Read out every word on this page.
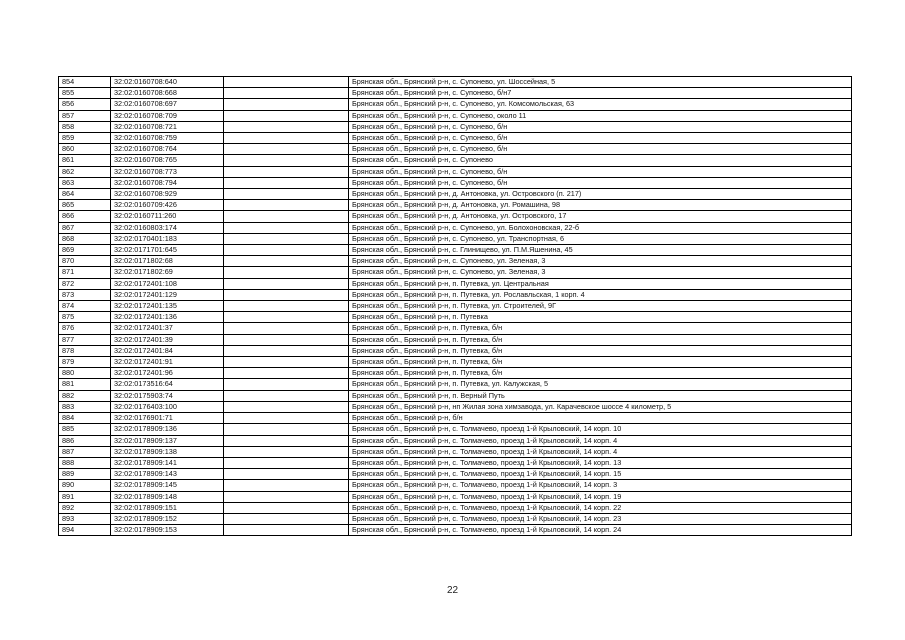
854	32:02:0160708:640		Брянская обл., Брянский р-н, с. Супонево, ул. Шоссейная, 5
855	32:02:0160708:668		Брянская обл., Брянский р-н, с. Супонево, б/н7
856	32:02:0160708:697		Брянская обл., Брянский р-н, с. Супонево, ул. Комсомольская, 63
857	32:02:0160708:709		Брянская обл., Брянский р-н, с. Супонево, около 11
858	32:02:0160708:721		Брянская обл., Брянский р-н, с. Супонево, б/н
859	32:02:0160708:759		Брянская обл., Брянский р-н, с. Супонево, б/н
860	32:02:0160708:764		Брянская обл., Брянский р-н, с. Супонево, б/н
861	32:02:0160708:765		Брянская обл., Брянский р-н, с. Супонево
862	32:02:0160708:773		Брянская обл., Брянский р-н, с. Супонево, б/н
863	32:02:0160708:794		Брянская обл., Брянский р-н, с. Супонево, б/н
864	32:02:0160708:929		Брянская обл., Брянский р-н, д. Антоновка, ул. Островского (п. 217)
865	32:02:0160709:426		Брянская обл., Брянский р-н, д. Антоновка, ул. Ромашина, 98
866	32:02:0160711:260		Брянская обл., Брянский р-н, д. Антоновка, ул. Островского, 17
867	32:02:0160803:174		Брянская обл., Брянский р-н, с. Супонево, ул. Болохоновская, 22-б
868	32:02:0170401:183		Брянская обл., Брянский р-н, с. Супонево, ул. Транспортная, 6
869	32:02:0171701:645		Брянская обл., Брянский р-н, с. Глинищево, ул. П.М.Яшенина, 45
870	32:02:0171802:68		Брянская обл., Брянский р-н, с. Супонево, ул. Зеленая, 3
871	32:02:0171802:69		Брянская обл., Брянский р-н, с. Супонево, ул. Зеленая, 3
872	32:02:0172401:108		Брянская обл., Брянский р-н, п. Путевка, ул. Центральная
873	32:02:0172401:129		Брянская обл., Брянский р-н, п. Путевка, ул. Рославльская, 1 корп. 4
874	32:02:0172401:135		Брянская обл., Брянский р-н, п. Путевка, ул. Строителей, 9Г
875	32:02:0172401:136		Брянская обл., Брянский р-н, п. Путевка
876	32:02:0172401:37		Брянская обл., Брянский р-н, п. Путевка, б/н
877	32:02:0172401:39		Брянская обл., Брянский р-н, п. Путевка, б/н
878	32:02:0172401:84		Брянская обл., Брянский р-н, п. Путевка, б/н
879	32:02:0172401:91		Брянская обл., Брянский р-н, п. Путевка, б/н
880	32:02:0172401:96		Брянская обл., Брянский р-н, п. Путевка, б/н
881	32:02:0173516:64		Брянская обл., Брянский р-н, п. Путевка, ул. Калужская, 5
882	32:02:0175903:74		Брянская обл., Брянский р-н, п. Верный Путь
883	32:02:0176403:100		Брянская обл., Брянский р-н, нп Жилая зона химзавода, ул. Карачевское шоссе 4 километр, 5
884	32:02:0176901:71		Брянская обл., Брянский р-н, б/н
885	32:02:0178909:136		Брянская обл., Брянский р-н, с. Толмачево, проезд 1-й Крыловский, 14 корп. 10
886	32:02:0178909:137		Брянская обл., Брянский р-н, с. Толмачево, проезд 1-й Крыловский, 14 корп. 4
887	32:02:0178909:138		Брянская обл., Брянский р-н, с. Толмачево, проезд 1-й Крыловский, 14 корп. 4
888	32:02:0178909:141		Брянская обл., Брянский р-н, с. Толмачево, проезд 1-й Крыловский, 14 корп. 13
889	32:02:0178909:143		Брянская обл., Брянский р-н, с. Толмачево, проезд 1-й Крыловский, 14 корп. 15
890	32:02:0178909:145		Брянская обл., Брянский р-н, с. Толмачево, проезд 1-й Крыловский, 14 корп. 3
891	32:02:0178909:148		Брянская обл., Брянский р-н, с. Толмачево, проезд 1-й Крыловский, 14 корп. 19
892	32:02:0178909:151		Брянская обл., Брянский р-н, с. Толмачево, проезд 1-й Крыловский, 14 корп. 22
893	32:02:0178909:152		Брянская обл., Брянский р-н, с. Толмачево, проезд 1-й Крыловский, 14 корп. 23
894	32:02:0178909:153		Брянская обл., Брянский р-н, с. Толмачево, проезд 1-й Крыловский, 14 корп. 24
22
